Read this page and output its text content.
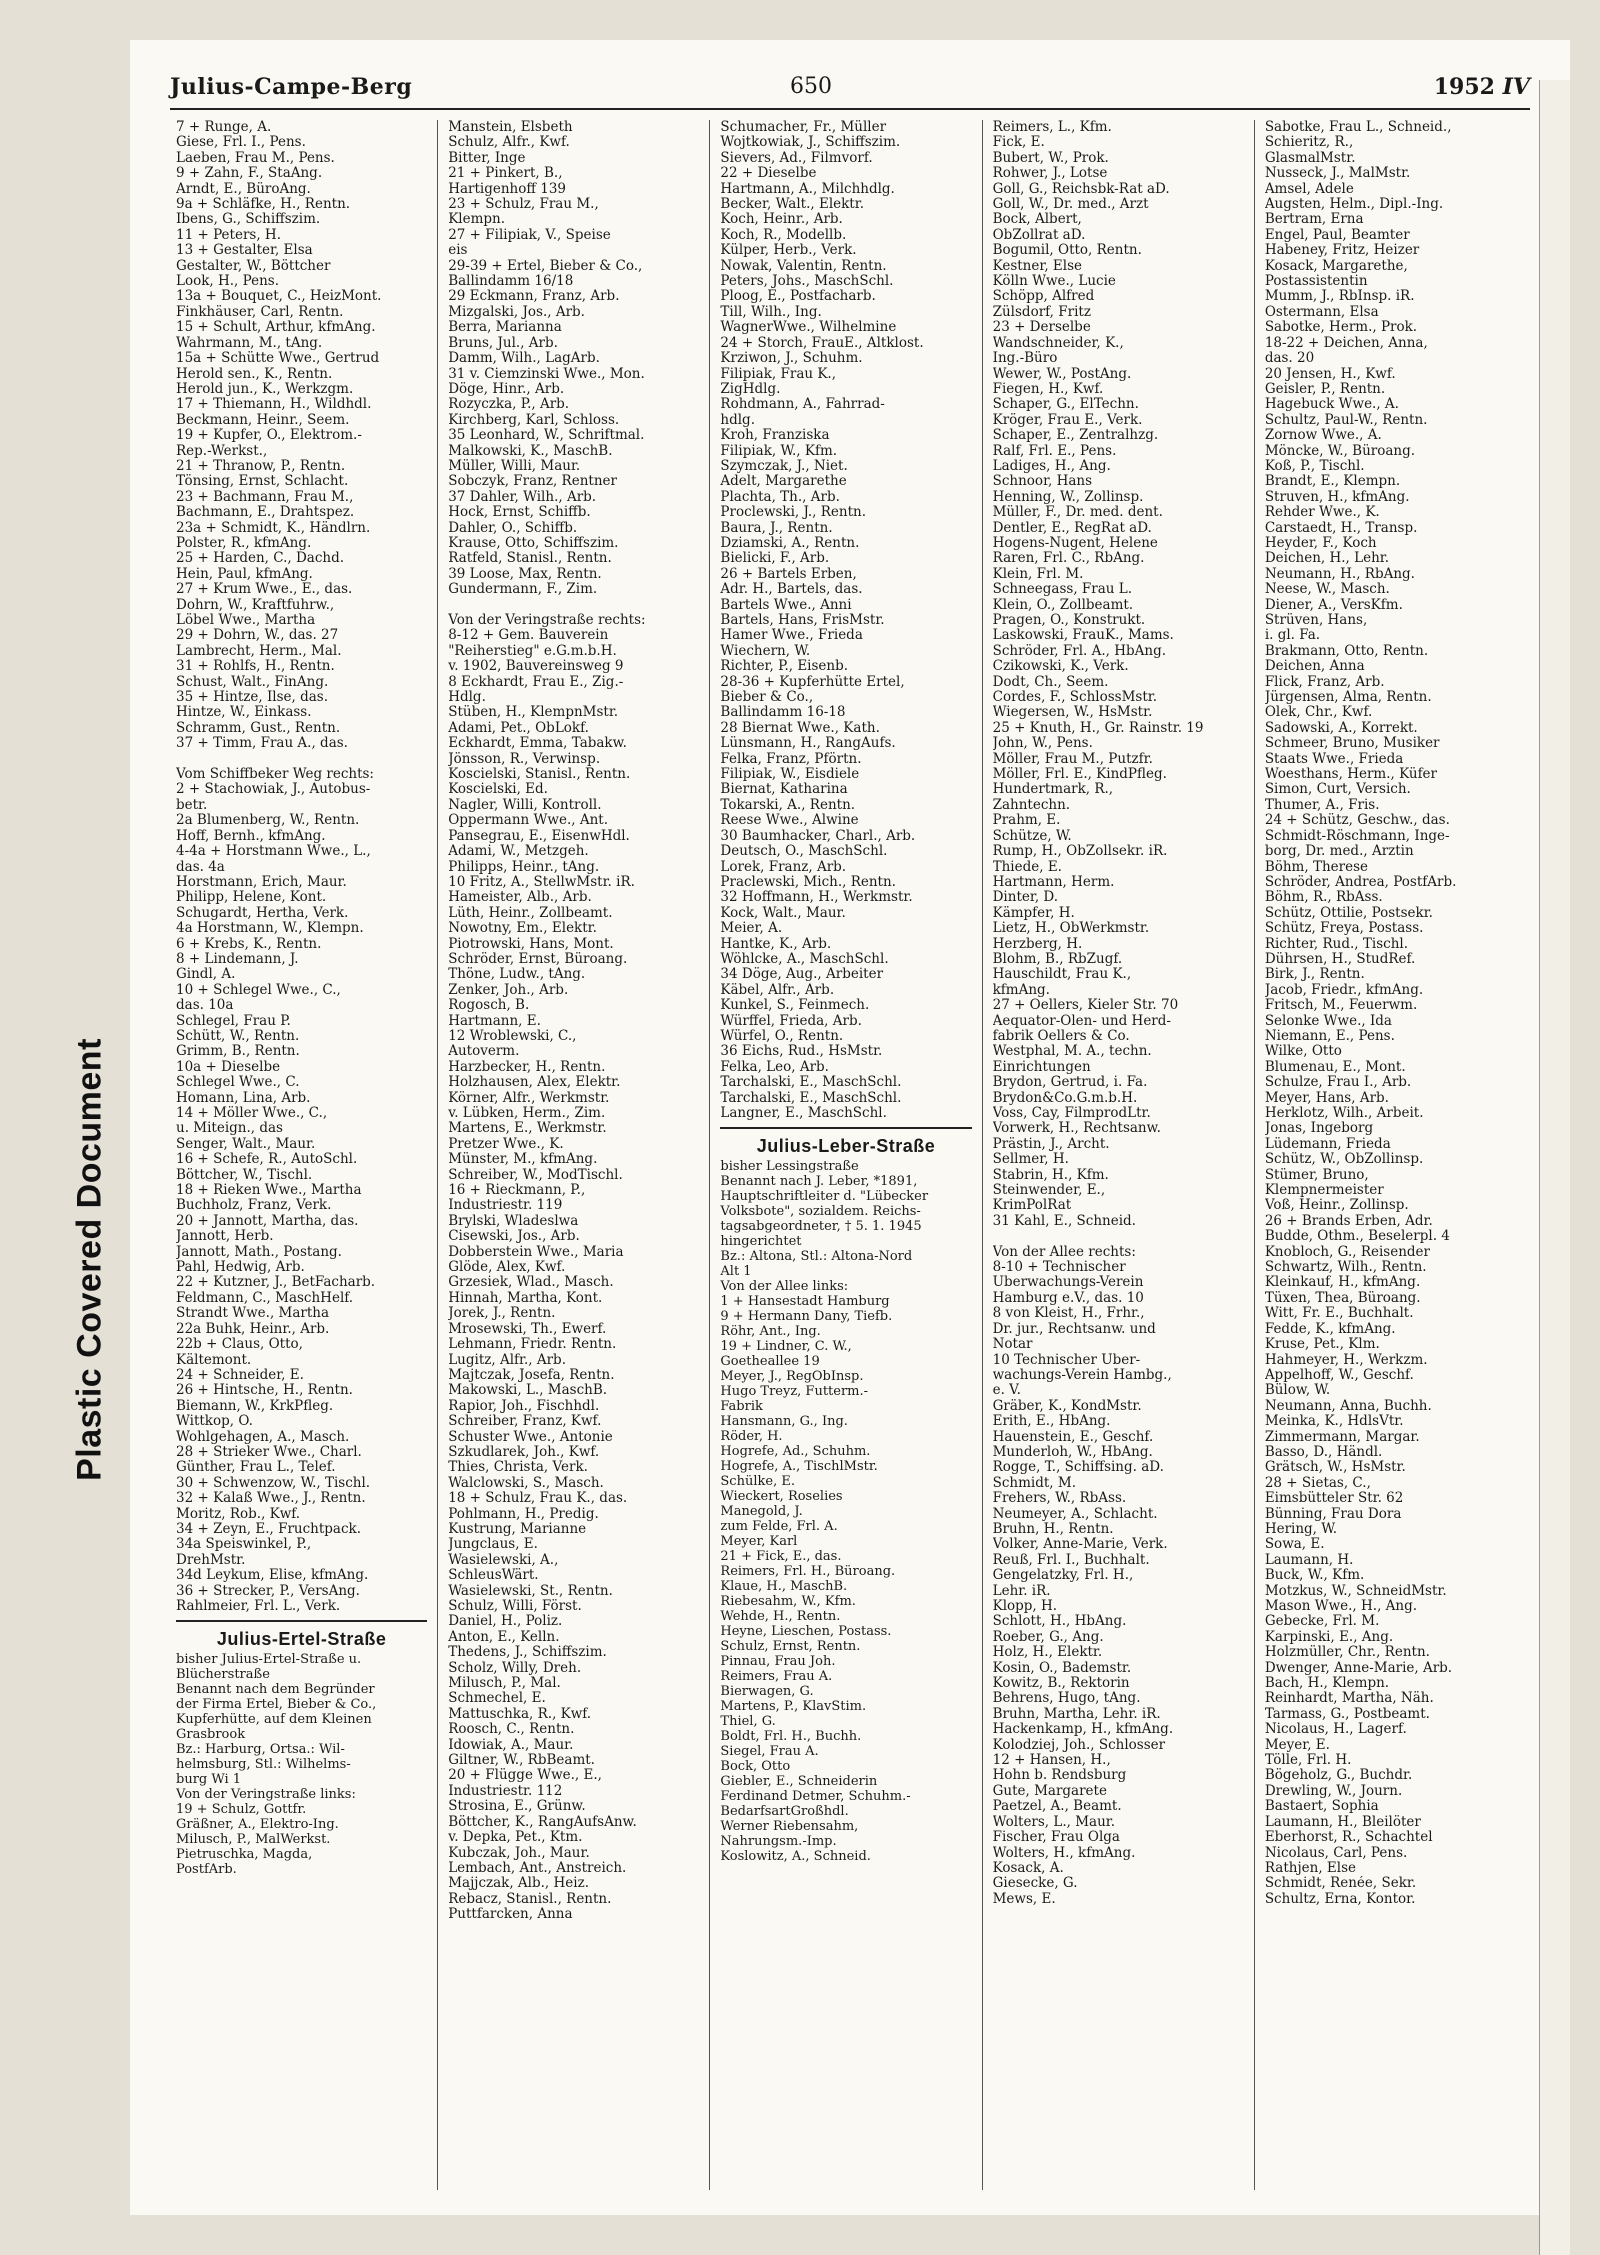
Plastic Covered Document
Julius-Campe-Berg	650	1952 IV
7 + Runge, A.
Giese, Frl. I., Pens.
Laeben, Frau M., Pens.
9 + Zahn, F., StaAng.
Arndt, E., BüroAng.
9a + Schläfke, H., Rentn.
Ibens, G., Schiffszim.
11 + Peters, H.
13 + Gestalter, Elsa
Gestalter, W., Böttcher
Look, H., Pens.
13a + Bouquet, C., HeizMont.
Finkhäuser, Carl, Rentn.
15 + Schult, Arthur, kfmAng.
Wahrmann, M., tAng.
15a + Schütte Wwe., Gertrud
Herold sen., K., Rentn.
Herold jun., K., Werkzgm.
17 + Thiemann, H., Wildhdl.
Beckmann, Heinr., Seem.
19 + Kupfer, O., Elektrom.-
Rep.-Werkst.,
21 + Thranow, P., Rentn.
Tönsing, Ernst, Schlacht.
23 + Bachmann, Frau M.,
Bachmann, E., Drahtspez.
23a + Schmidt, K., Händlrn.
Polster, R., kfmAng.
25 + Harden, C., Dachd.
Hein, Paul, kfmAng.
27 + Krum Wwe., E., das.
Dohrn, W., Kraftfuhrw.,
Löbel Wwe., Martha
29 + Dohrn, W., das. 27
Lambrecht, Herm., Mal.
31 + Rohlfs, H., Rentn.
Schust, Walt., FinAng.
35 + Hintze, Ilse, das.
Hintze, W., Einkass.
Schramm, Gust., Rentn.
37 + Timm, Frau A., das.

Vom Schiffbeker Weg rechts:
2 + Stachowiak, J., Autobus-
betr.
2a Blumenberg, W., Rentn.
Hoff, Bernh., kfmAng.
4-4a + Horstmann Wwe., L.,
das. 4a
Horstmann, Erich, Maur.
Philipp, Helene, Kont.
Schugardt, Hertha, Verk.
4a Horstmann, W., Klempn.
6 + Krebs, K., Rentn.
8 + Lindemann, J.
Gindl, A.
10 + Schlegel Wwe., C.,
das. 10a
Schlegel, Frau P.
Schütt, W., Rentn.
Grimm, B., Rentn.
10a + Dieselbe
Schlegel Wwe., C.
Homann, Lina, Arb.
14 + Möller Wwe., C.,
u. Miteign., das
Senger, Walt., Maur.
16 + Schefe, R., AutoSchl.
Böttcher, W., Tischl.
18 + Rieken Wwe., Martha
Buchholz, Franz, Verk.
20 + Jannott, Martha, das.
Jannott, Herb.
Jannott, Math., Postang.
Pahl, Hedwig, Arb.
22 + Kutzner, J., BetFacharb.
Feldmann, C., MaschHelf.
Strandt Wwe., Martha
22a Buhk, Heinr., Arb.
22b + Claus, Otto,
Kältemont.
24 + Schneider, E.
26 + Hintsche, H., Rentn.
Biemann, W., KrkPfleg.
Wittkop, O.
Wohlgehagen, A., Masch.
28 + Strieker Wwe., Charl.
Günther, Frau L., Telef.
30 + Schwenzow, W., Tischl.
32 + Kalaß Wwe., J., Rentn.
Moritz, Rob., Kwf.
34 + Zeyn, E., Fruchtpack.
34a Speiswinkel, P.,
DrehMstr.
34d Leykum, Elise, kfmAng.
36 + Strecker, P., VersAng.
Rahlmeier, Frl. L., Verk.
Julius-Ertel-Straße
bisher Julius-Ertel-Straße u.
Blücherstraße
Benannt nach dem Begründer
der Firma Ertel, Bieber & Co.,
Kupferhütte, auf dem Kleinen
Grasbrook
Bz.: Harburg, Ortsa.: Wil-
helmsburg, Stl.: Wilhelms-
burg Wi 1
Von der Veringstraße links:
19 + Schulz, Gottfr.
Gräßner, A., Elektro-Ing.
Milusch, P., MalWerkst.
Pietruschka, Magda,
PostfArb.
Manstein, Elsbeth
Schulz, Alfr., Kwf.
Bitter, Inge
21 + Pinkert, B.,
Hartigenhoff 139
23 + Schulz, Frau M.,
Klempn.
27 + Filipiak, V., Speise
eis
29-39 + Ertel, Bieber & Co.,
Ballindamm 16/18
29 Eckmann, Franz, Arb.
Mizgalski, Jos., Arb.
Berra, Marianna
Bruns, Jul., Arb.
Damm, Wilh., LagArb.
31 v. Ciemzinski Wwe., Mon.
Döge, Hinr., Arb.
Rozyczka, P., Arb.
Kirchberg, Karl, Schloss.
35 Leonhard, W., Schriftmal.
Malkowski, K., MaschB.
Müller, Willi, Maur.
Sobczyk, Franz, Rentner
37 Dahler, Wilh., Arb.
Hock, Ernst, Schiffb.
Dahler, O., Schiffb.
Krause, Otto, Schiffszim.
Ratfeld, Stanisl., Rentn.
39 Loose, Max, Rentn.
Gundermann, F., Zim.

Von der Veringstraße rechts:
8-12 + Gem. Bauverein
"Reiherstieg" e.G.m.b.H.
v. 1902, Bauvereinsweg 9
8 Eckhardt, Frau E., Zig.-
Hdlg.
Stüben, H., KlempnMstr.
Adami, Pet., ObLokf.
Eckhardt, Emma, Tabakw.
Jönsson, R., Verwinsp.
Koscielski, Stanisl., Rentn.
Koscielski, Ed.
Nagler, Willi, Kontroll.
Oppermann Wwe., Ant.
Pansegrau, E., EisenwHdl.
Adami, W., Metzgeh.
Philipps, Heinr., tAng.
10 Fritz, A., StellwMstr. iR.
Hameister, Alb., Arb.
Lüth, Heinr., Zollbeamt.
Nowotny, Em., Elektr.
Piotrowski, Hans, Mont.
Schröder, Ernst, Büroang.
Thöne, Ludw., tAng.
Zenker, Joh., Arb.
Rogosch, B.
Hartmann, E.
12 Wroblewski, C.,
Autoverm.
Harzbecker, H., Rentn.
Holzhausen, Alex, Elektr.
Körner, Alfr., Werkmstr.
v. Lübken, Herm., Zim.
Martens, E., Werkmstr.
Pretzer Wwe., K.
Münster, M., kfmAng.
Schreiber, W., ModTischl.
16 + Rieckmann, P.,
Industriestr. 119
Brylski, Wladeslwa
Cisewski, Jos., Arb.
Dobberstein Wwe., Maria
Glöde, Alex, Kwf.
Grzesiek, Wlad., Masch.
Hinnah, Martha, Kont.
Jorek, J., Rentn.
Mrosewski, Th., Ewerf.
Lehmann, Friedr. Rentn.
Lugitz, Alfr., Arb.
Majtczak, Josefa, Rentn.
Makowski, L., MaschB.
Rapior, Joh., Fischhdl.
Schreiber, Franz, Kwf.
Schuster Wwe., Antonie
Szkudlarek, Joh., Kwf.
Thies, Christa, Verk.
Walclowski, S., Masch.
18 + Schulz, Frau K., das.
Pohlmann, H., Predig.
Kustrung, Marianne
Jungclaus, E.
Wasielewski, A.,
SchleusWärt.
Wasielewski, St., Rentn.
Schulz, Willi, Först.
Daniel, H., Poliz.
Anton, E., Kelln.
Thedens, J., Schiffszim.
Scholz, Willy, Dreh.
Milusch, P., Mal.
Schmechel, E.
Mattuschka, R., Kwf.
Roosch, C., Rentn.
Idowiak, A., Maur.
Giltner, W., RbBeamt.
20 + Flügge Wwe., E.,
Industriestr. 112
Strosina, E., Grünw.
Böttcher, K., RangAufsAnw.
v. Depka, Pet., Ktm.
Kubczak, Joh., Maur.
Lembach, Ant., Anstreich.
Majjczak, Alb., Heiz.
Rebacz, Stanisl., Rentn.
Puttfarcken, Anna
Schumacher, Fr., Müller
Wojtkowiak, J., Schiffszim.
Sievers, Ad., Filmvorf.
22 + Dieselbe
Hartmann, A., Milchhdlg.
Becker, Walt., Elektr.
Koch, Heinr., Arb.
Koch, R., Modellb.
Külper, Herb., Verk.
Nowak, Valentin, Rentn.
Peters, Johs., MaschSchl.
Ploog, E., Postfacharb.
Till, Wilh., Ing.
WagnerWwe., Wilhelmine
24 + Storch, FrauE., Altklost.
Krziwon, J., Schuhm.
Filipiak, Frau K.,
ZigHdlg.
Rohdmann, A., Fahrrad-
hdlg.
Kroh, Franziska
Filipiak, W., Kfm.
Szymczak, J., Niet.
Adelt, Margarethe
Plachta, Th., Arb.
Proclewski, J., Rentn.
Baura, J., Rentn.
Dziamski, A., Rentn.
Bielicki, F., Arb.
26 + Bartels Erben,
Adr. H., Bartels, das.
Bartels Wwe., Anni
Bartels, Hans, FrisMstr.
Hamer Wwe., Frieda
Wiechern, W.
Richter, P., Eisenb.
28-36 + Kupferhütte Ertel,
Bieber & Co.,
Ballindamm 16-18
28 Biernat Wwe., Kath.
Lünsmann, H., RangAufs.
Felka, Franz, Pförtn.
Filipiak, W., Eisdiele
Biernat, Katharina
Tokarski, A., Rentn.
Reese Wwe., Alwine
30 Baumhacker, Charl., Arb.
Deutsch, O., MaschSchl.
Lorek, Franz, Arb.
Praclewski, Mich., Rentn.
32 Hoffmann, H., Werkmstr.
Kock, Walt., Maur.
Meier, A.
Hantke, K., Arb.
Wöhlcke, A., MaschSchl.
34 Döge, Aug., Arbeiter
Käbel, Alfr., Arb.
Kunkel, S., Feinmech.
Würffel, Frieda, Arb.
Würfel, O., Rentn.
36 Eichs, Rud., HsMstr.
Felka, Leo, Arb.
Tarchalski, E., MaschSchl.
Tarchalski, E., MaschSchl.
Langner, E., MaschSchl.
Julius-Leber-Straße
bisher Lessingstraße
Benannt nach J. Leber, *1891,
Hauptschriftleiter d. "Lübecker
Volksbote", sozialdem. Reichs-
tagsabgeordneter, † 5. 1. 1945
hingerichtet
Bz.: Altona, Stl.: Altona-Nord
Alt 1
Von der Allee links:
1 + Hansestadt Hamburg
9 + Hermann Dany, Tiefb.
Röhr, Ant., Ing.
19 + Lindner, C. W.,
Goetheallee 19
Meyer, J., RegObInsp.
Hugo Treyz, Futterm.-
Fabrik
Hansmann, G., Ing.
Röder, H.
Hogrefe, Ad., Schuhm.
Hogrefe, A., TischlMstr.
Schülke, E.
Wieckert, Roselies
Manegold, J.
zum Felde, Frl. A.
Meyer, Karl
21 + Fick, E., das.
Reimers, Frl. H., Büroang.
Klaue, H., MaschB.
Riebesahm, W., Kfm.
Wehde, H., Rentn.
Heyne, Lieschen, Postass.
Schulz, Ernst, Rentn.
Pinnau, Frau Joh.
Reimers, Frau A.
Bierwagen, G.
Martens, P., KlavStim.
Thiel, G.
Boldt, Frl. H., Buchh.
Siegel, Frau A.
Bock, Otto
Giebler, E., Schneiderin
Ferdinand Detmer, Schuhm.-
BedarfsartGroßhdl.
Werner Riebensahm,
Nahrungsm.-Imp.
Koslowitz, A., Schneid.
Reimers, L., Kfm.
Fick, E.
Bubert, W., Prok.
Rohwer, J., Lotse
Goll, G., Reichsbk-Rat aD.
Goll, W., Dr. med., Arzt
Bock, Albert,
ObZollrat aD.
Bogumil, Otto, Rentn.
Kestner, Else
Kölln Wwe., Lucie
Schöpp, Alfred
Zülsdorf, Fritz
23 + Derselbe
Wandschneider, K.,
Ing.-Büro
Wewer, W., PostAng.
Fiegen, H., Kwf.
Schaper, G., ElTechn.
Kröger, Frau E., Verk.
Schaper, E., Zentralhzg.
Ralf, Frl. E., Pens.
Ladiges, H., Ang.
Schnoor, Hans
Henning, W., Zollinsp.
Müller, F., Dr. med. dent.
Dentler, E., RegRat aD.
Hogens-Nugent, Helene
Raren, Frl. C., RbAng.
Klein, Frl. M.
Schneegass, Frau L.
Klein, O., Zollbeamt.
Pragen, O., Konstrukt.
Laskowski, FrauK., Mams.
Schröder, Frl. A., HbAng.
Czikowski, K., Verk.
Dodt, Ch., Seem.
Cordes, F., SchlossMstr.
Wiegersen, W., HsMstr.
25 + Knuth, H., Gr. Rainstr. 19
John, W., Pens.
Möller, Frau M., Putzfr.
Möller, Frl. E., KindPfleg.
Hundertmark, R.,
Zahntechn.
Prahm, E.
Schütze, W.
Rump, H., ObZollsekr. iR.
Thiede, E.
Hartmann, Herm.
Dinter, D.
Kämpfer, H.
Lietz, H., ObWerkmstr.
Herzberg, H.
Blohm, B., RbZugf.
Hauschildt, Frau K.,
kfmAng.
27 + Oellers, Kieler Str. 70
Aequator-Olen- und Herd-
fabrik Oellers & Co.
Westphal, M. A., techn.
Einrichtungen
Brydon, Gertrud, i. Fa.
Brydon&Co.G.m.b.H.
Voss, Cay, FilmprodLtr.
Vorwerk, H., Rechtsanw.
Prästin, J., Archt.
Sellmer, H.
Stabrin, H., Kfm.
Steinwender, E.,
KrimPolRat
31 Kahl, E., Schneid.

Von der Allee rechts:
8-10 + Technischer
Überwachungs-Verein
Hamburg e.V., das. 10
8 von Kleist, H., Frhr.,
Dr. jur., Rechtsanw. und
Notar
10 Technischer Über-
wachungs-Verein Hambg.,
e. V.
Gräber, K., KondMstr.
Erith, E., HbAng.
Hauenstein, E., Geschf.
Munderloh, W., HbAng.
Rogge, T., Schiffsing. aD.
Schmidt, M.
Frehers, W., RbAss.
Neumeyer, A., Schlacht.
Bruhn, H., Rentn.
Volker, Anne-Marie, Verk.
Reuß, Frl. I., Buchhalt.
Gengelatzky, Frl. H.,
Lehr. iR.
Klopp, H.
Schlott, H., HbAng.
Roeber, G., Ang.
Holz, H., Elektr.
Kosin, O., Bademstr.
Kowitz, B., Rektorin
Behrens, Hugo, tAng.
Bruhn, Martha, Lehr. iR.
Hackenkamp, H., kfmAng.
Kolodziej, Joh., Schlosser
12 + Hansen, H.,
Hohn b. Rendsburg
Gute, Margarete
Paetzel, A., Beamt.
Wolters, L., Maur.
Fischer, Frau Olga
Wolters, H., kfmAng.
Kosack, A.
Giesecke, G.
Mews, E.
Sabotke, Frau L., Schneid.,
Schieritz, R.,
GlasmalMstr.
Nusseck, J., MalMstr.
Amsel, Adele
Augsten, Helm., Dipl.-Ing.
Bertram, Erna
Engel, Paul, Beamter
Habeney, Fritz, Heizer
Kosack, Margarethe,
Postassistentin
Mumm, J., RbInsp. iR.
Ostermann, Elsa
Sabotke, Herm., Prok.
18-22 + Deichen, Anna,
das. 20
20 Jensen, H., Kwf.
Geisler, P., Rentn.
Hagebuck Wwe., A.
Schultz, Paul-W., Rentn.
Zornow Wwe., A.
Möncke, W., Büroang.
Koß, P., Tischl.
Brandt, E., Klempn.
Struven, H., kfmAng.
Rehder Wwe., K.
Carstaedt, H., Transp.
Heyder, F., Koch
Deichen, H., Lehr.
Neumann, H., RbAng.
Neese, W., Masch.
Diener, A., VersKfm.
Strüven, Hans,
i. gl. Fa.
Brakmann, Otto, Rentn.
Deichen, Anna
Flick, Franz, Arb.
Jürgensen, Alma, Rentn.
Olek, Chr., Kwf.
Sadowski, A., Korrekt.
Schmeer, Bruno, Musiker
Staats Wwe., Frieda
Woesthans, Herm., Küfer
Simon, Curt, Versich.
Thumer, A., Fris.
24 + Schütz, Geschw., das.
Schmidt-Röschmann, Inge-
borg, Dr. med., Ärztin
Böhm, Therese
Schröder, Andrea, PostfArb.
Böhm, R., RbAss.
Schütz, Ottilie, Postsekr.
Schütz, Freya, Postass.
Richter, Rud., Tischl.
Dührsen, H., StudRef.
Birk, J., Rentn.
Jacob, Friedr., kfmAng.
Fritsch, M., Feuerwm.
Selonke Wwe., Ida
Niemann, E., Pens.
Wilke, Otto
Blumenau, E., Mont.
Schulze, Frau I., Arb.
Meyer, Hans, Arb.
Herklotz, Wilh., Arbeit.
Jonas, Ingeborg
Lüdemann, Frieda
Schütz, W., ObZollinsp.
Stümer, Bruno,
Klempnermeister
Voß, Heinr., Zollinsp.
26 + Brands Erben, Adr.
Budde, Othm., Beselerpl. 4
Knobloch, G., Reisender
Schwartz, Wilh., Rentn.
Kleinkauf, H., kfmAng.
Tüxen, Thea, Büroang.
Witt, Fr. E., Buchhalt.
Fedde, K., kfmAng.
Kruse, Pet., Klm.
Hahmeyer, H., Werkzm.
Appelhoff, W., Geschf.
Bülow, W.
Neumann, Anna, Buchh.
Meinka, K., HdlsVtr.
Zimmermann, Margar.
Basso, D., Händl.
Grätsch, W., HsMstr.
28 + Sietas, C.,
Eimsbütteler Str. 62
Bünning, Frau Dora
Hering, W.
Sowa, E.
Laumann, H.
Buck, W., Kfm.
Motzkus, W., SchneidMstr.
Mason Wwe., H., Ang.
Gebecke, Frl. M.
Karpinski, E., Ang.
Holzmüller, Chr., Rentn.
Dwenger, Anne-Marie, Arb.
Bach, H., Klempn.
Reinhardt, Martha, Näh.
Tarmass, G., Postbeamt.
Nicolaus, H., Lagerf.
Meyer, E.
Tölle, Frl. H.
Bögeholz, G., Buchdr.
Drewling, W., Journ.
Bastaert, Sophia
Laumann, H., Bleilöter
Eberhorst, R., Schachtel
Nicolaus, Carl, Pens.
Rathjen, Else
Schmidt, Renée, Sekr.
Schultz, Erna, Kontor.
